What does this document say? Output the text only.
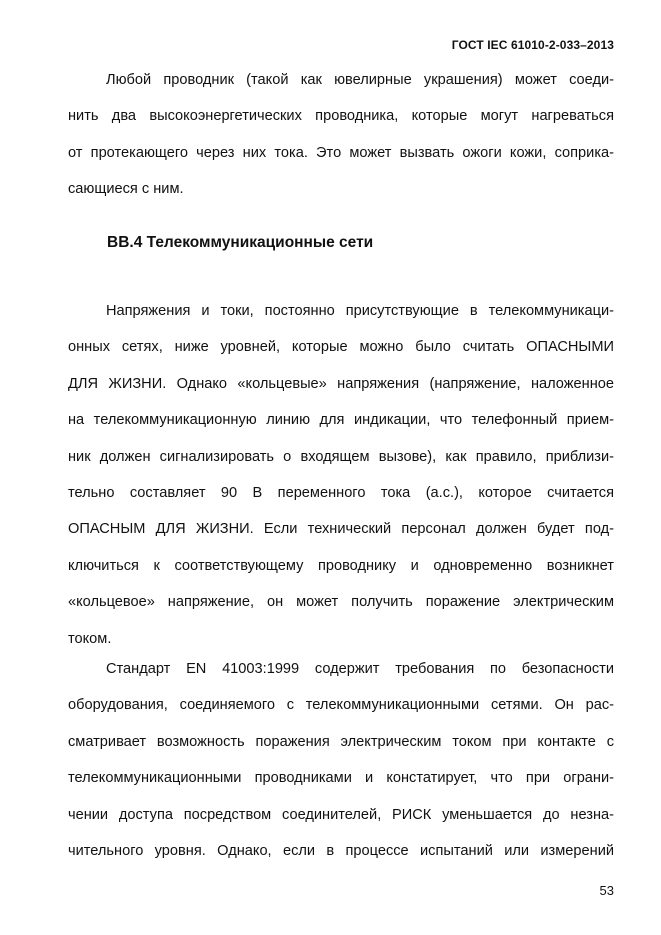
ГОСТ IEC 61010-2-033–2013
Любой проводник (такой как ювелирные украшения) может соеди-
нить два высокоэнергетических проводника, которые могут нагреваться
от протекающего через них тока. Это может вызвать ожоги кожи, соприка-
сающиеся с ним.
ВВ.4 Телекоммуникационные сети
Напряжения и токи, постоянно присутствующие в телекоммуникаци-
онных сетях, ниже уровней, которые можно было считать ОПАСНЫМИ
ДЛЯ ЖИЗНИ. Однако «кольцевые» напряжения (напряжение, наложенное
на телекоммуникационную линию для индикации, что телефонный прием-
ник должен сигнализировать о входящем вызове), как правило, приблизи-
тельно составляет 90 В переменного тока (a.c.), которое считается
ОПАСНЫМ ДЛЯ ЖИЗНИ. Если технический персонал должен будет под-
ключиться к соответствующему проводнику и одновременно возникнет
«кольцевое» напряжение, он может получить поражение электрическим
током.
Стандарт EN 41003:1999 содержит требования по безопасности
оборудования, соединяемого с телекоммуникационными сетями. Он рас-
сматривает возможность поражения электрическим током при контакте с
телекоммуникационными проводниками и констатирует, что при ограни-
чении доступа посредством соединителей, РИСК уменьшается до незна-
чительного уровня. Однако, если в процессе испытаний или измерений
53
